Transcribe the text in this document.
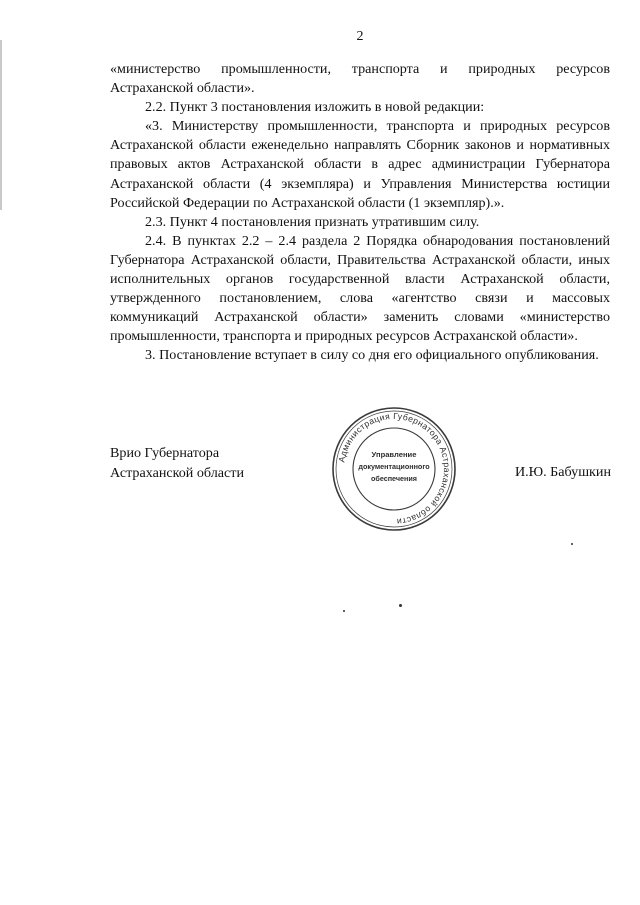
2

«министерство промышленности, транспорта и природных ресурсов Астраханской области».

2.2. Пункт 3 постановления изложить в новой редакции:

«3. Министерству промышленности, транспорта и природных ресурсов Астраханской области еженедельно направлять Сборник законов и нормативных правовых актов Астраханской области в адрес администрации Губернатора Астраханской области (4 экземпляра) и Управления Министерства юстиции Российской Федерации по Астраханской области (1 экземпляр).».

2.3. Пункт 4 постановления признать утратившим силу.

2.4. В пунктах 2.2 – 2.4 раздела 2 Порядка обнародования постановлений Губернатора Астраханской области, Правительства Астраханской области, иных исполнительных органов государственной власти Астраханской области, утвержденного постановлением, слова «агентство связи и массовых коммуникаций Астраханской области» заменить словами «министерство промышленности, транспорта и природных ресурсов Астраханской области».

3. Постановление вступает в силу со дня его официального опубликования.

Врио Губернатора
Астраханской области	И.Ю. Бабушкин
Администрация Губернатора Астраханской области
Управление
документационного
обеспечения
